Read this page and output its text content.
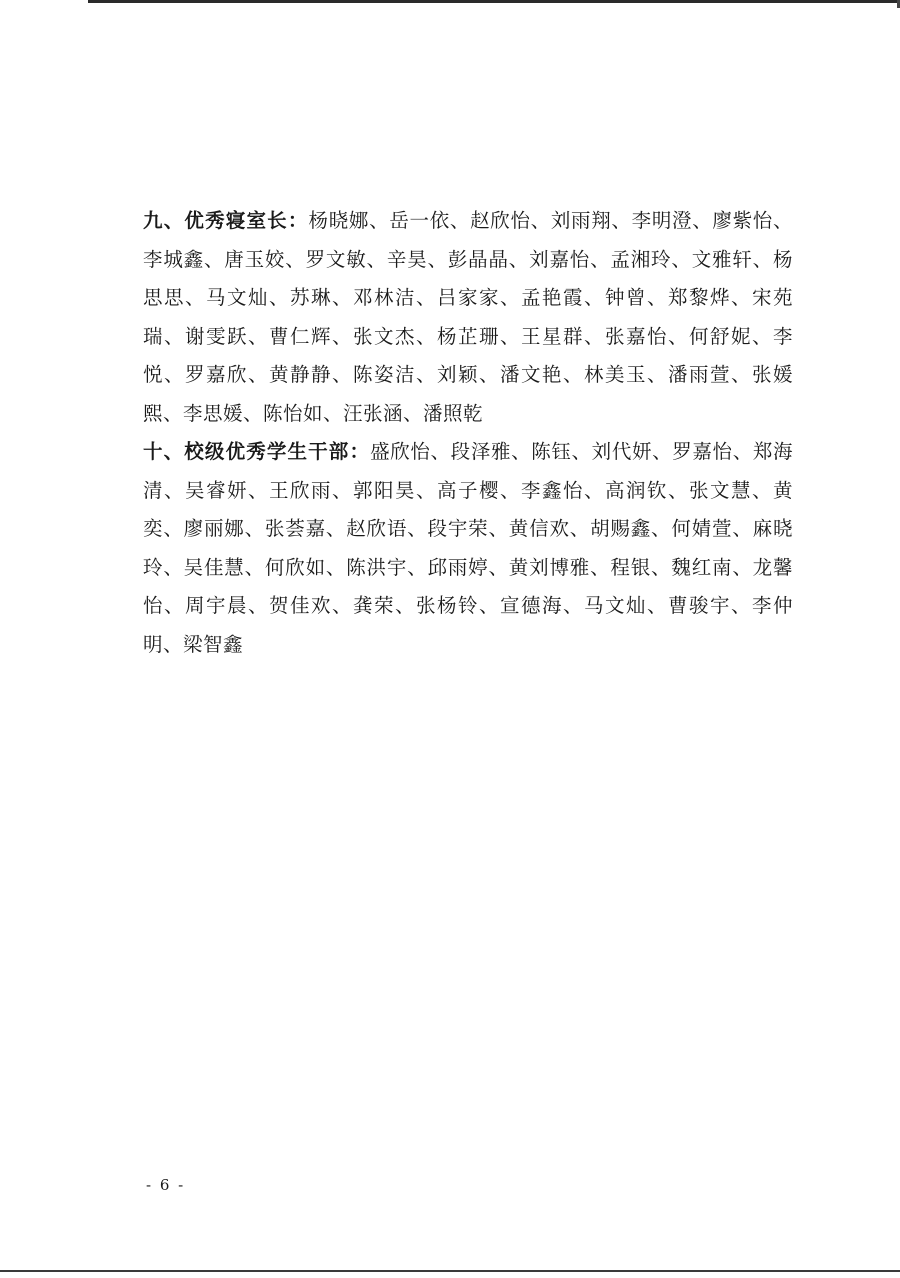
九、优秀寝室长：杨晓娜、岳一依、赵欣怡、刘雨翔、李明澄、廖紫怡、李城鑫、唐玉姣、罗文敏、辛昊、彭晶晶、刘嘉怡、孟湘玲、文雅轩、杨思思、马文灿、苏琳、邓林洁、吕家家、孟艳霞、钟曾、郑黎烨、宋苑瑞、谢雯跃、曹仁辉、张文杰、杨芷珊、王星群、张嘉怡、何舒妮、李悦、罗嘉欣、黄静静、陈姿洁、刘颖、潘文艳、林美玉、潘雨萱、张媛熙、李思媛、陈怡如、汪张涵、潘照乾

十、校级优秀学生干部：盛欣怡、段泽雅、陈钰、刘代妍、罗嘉怡、郑海清、吴睿妍、王欣雨、郭阳昊、高子樱、李鑫怡、高润钦、张文慧、黄奕、廖丽娜、张荟嘉、赵欣语、段宇荣、黄信欢、胡赐鑫、何婧萱、麻晓玲、吴佳慧、何欣如、陈洪宇、邱雨婷、黄刘博雅、程银、魏红南、龙馨怡、周宇晨、贺佳欢、龚荣、张杨铃、宣德海、马文灿、曹骏宇、李仲明、梁智鑫

- 6 -
